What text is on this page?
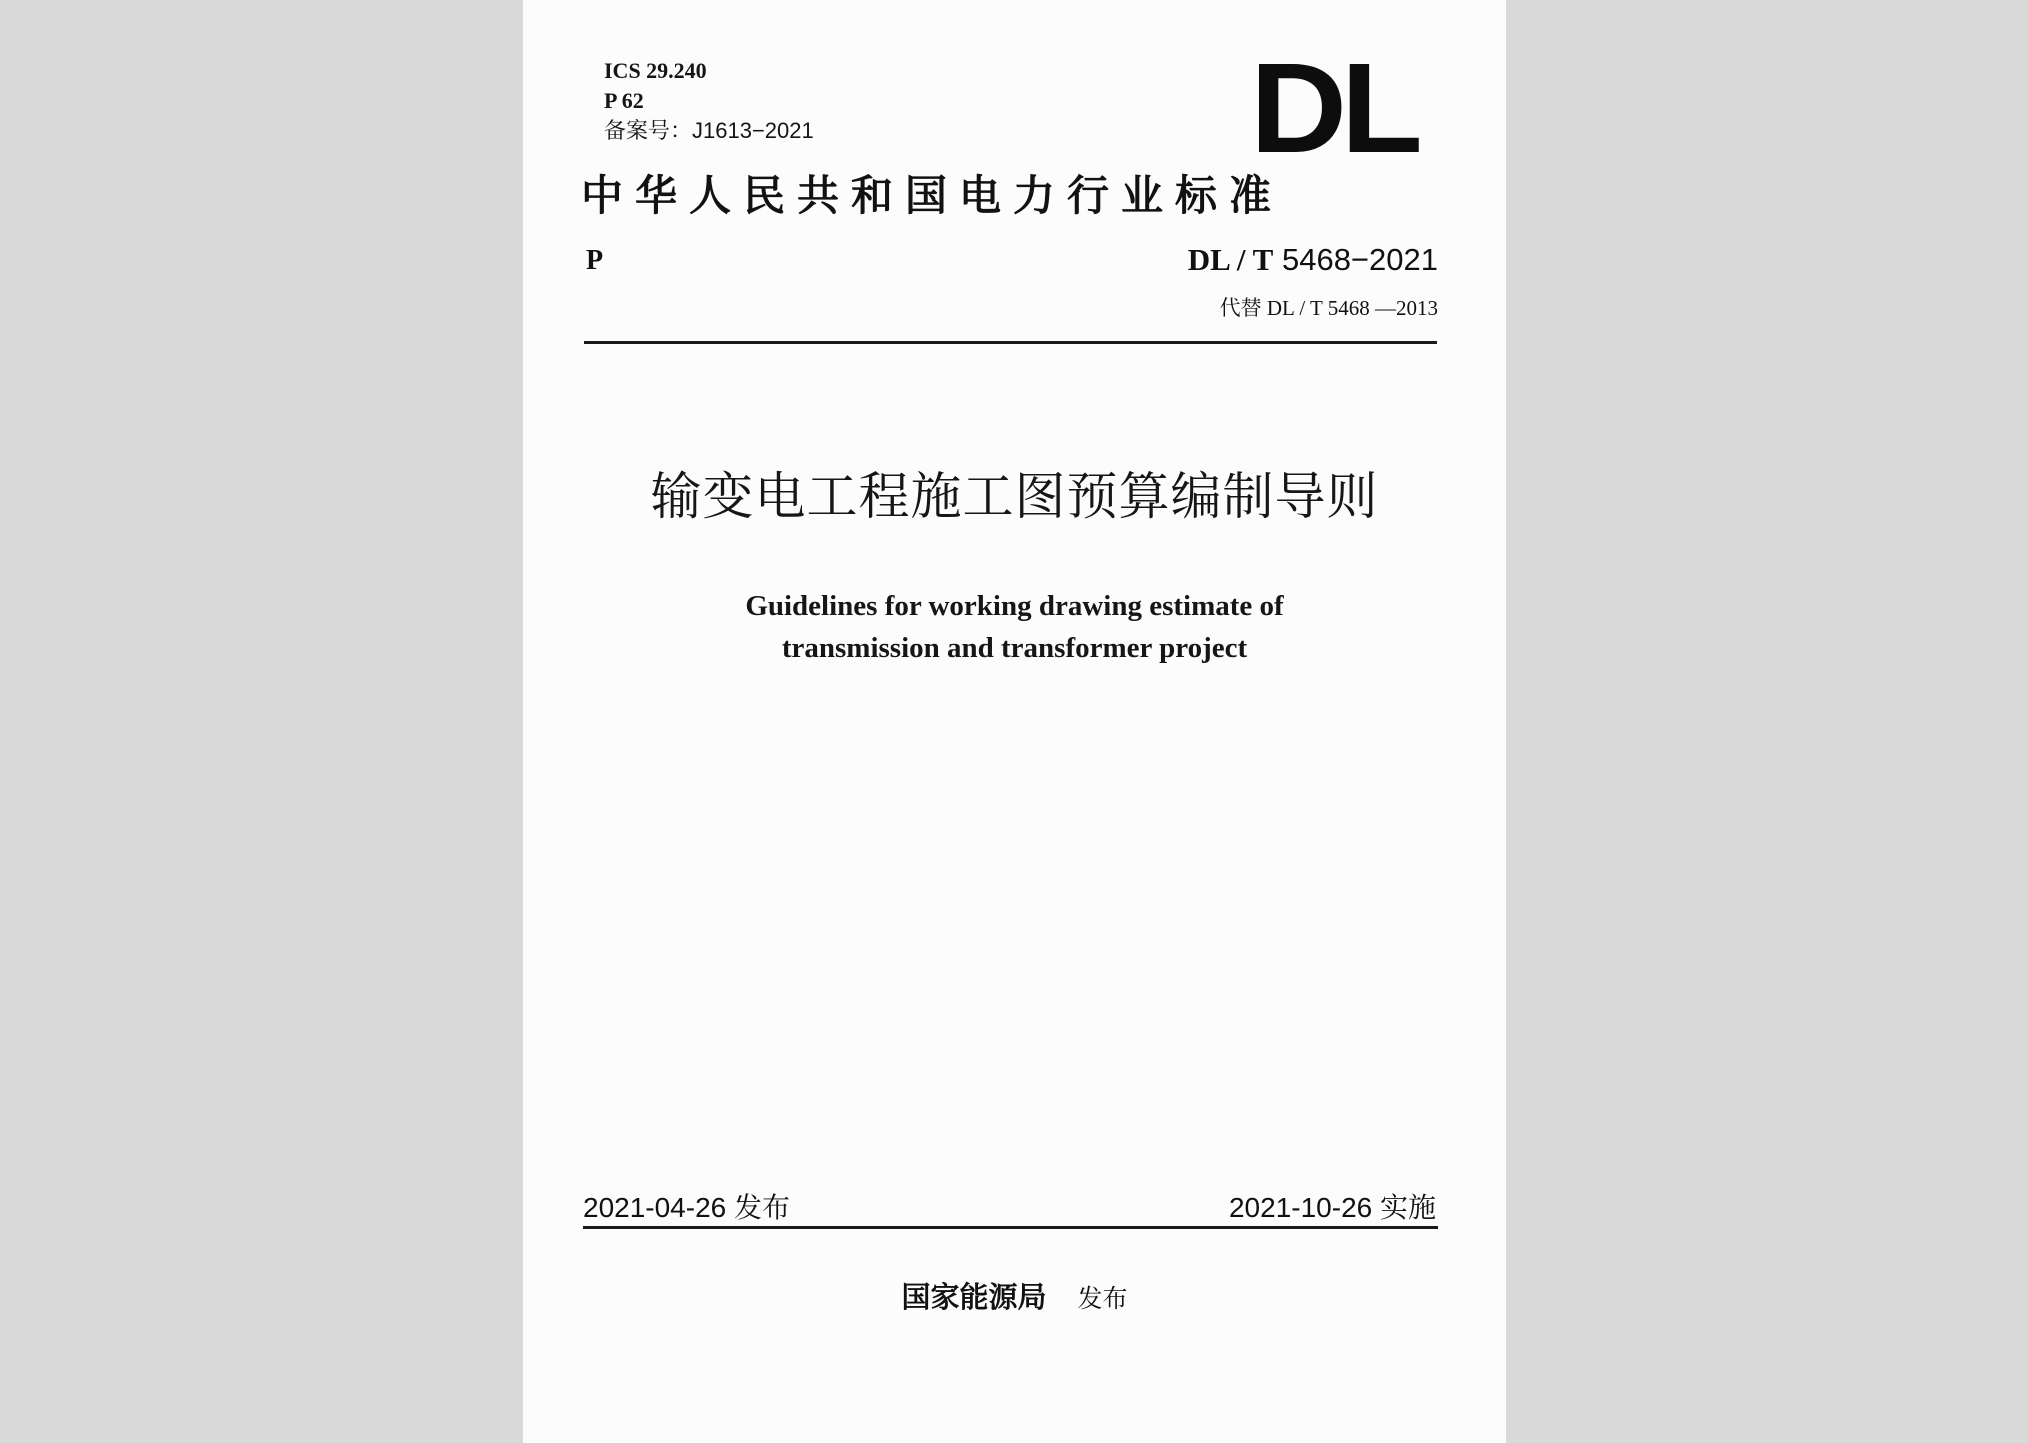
ICS 29.240
P 62
备案号：J1613−2021	DL
中华人民共和国电力行业标准
P	DL / T 5468−2021
代替 DL / T 5468 —2013
输变电工程施工图预算编制导则
Guidelines for working drawing estimate of
transmission and transformer project
2021-04-26 发布	2021-10-26 实施
国家能源局 发布
